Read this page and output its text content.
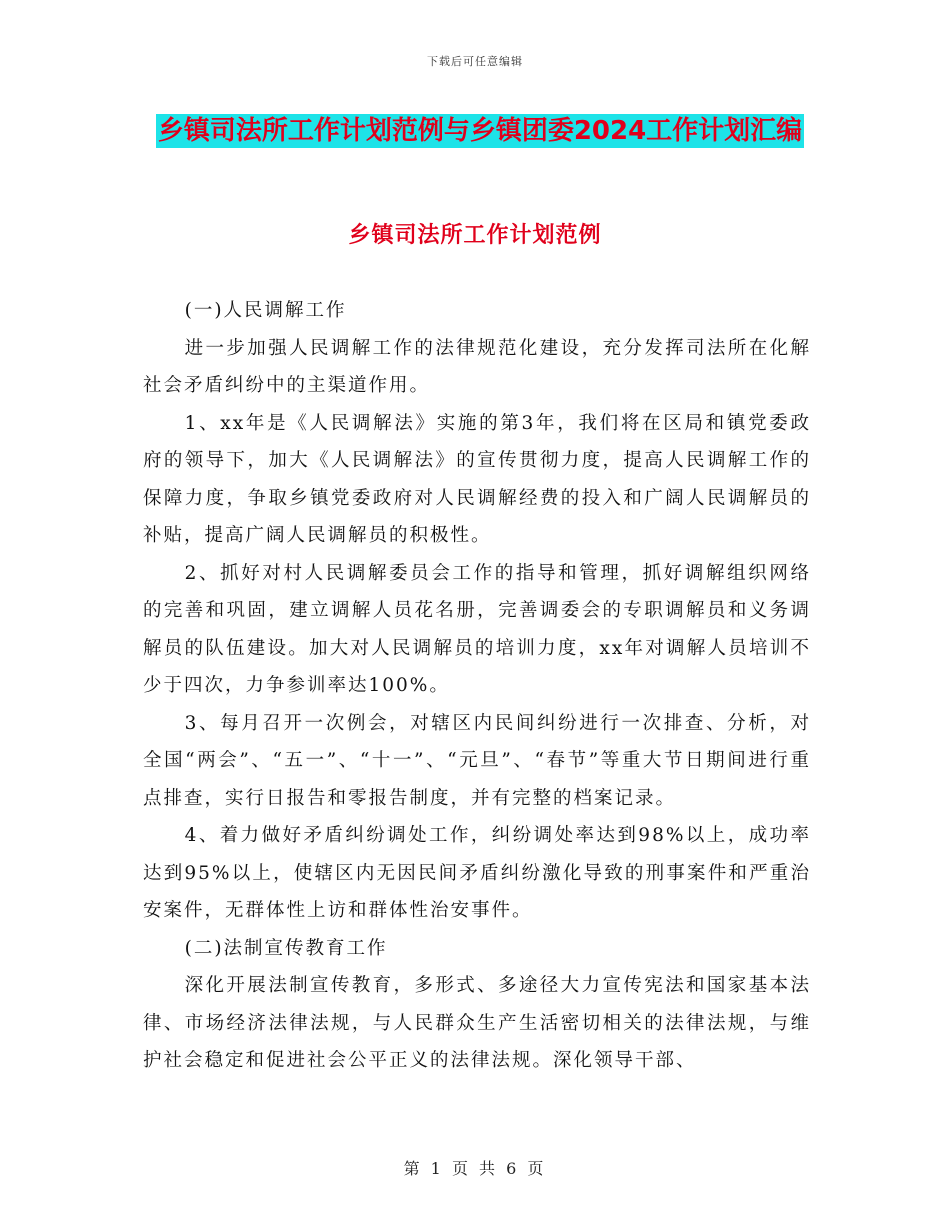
下载后可任意编辑
乡镇司法所工作计划范例与乡镇团委2024工作计划汇编
乡镇司法所工作计划范例

(一)人民调解工作

进一步加强人民调解工作的法律规范化建设，充分发挥司法所在化解社会矛盾纠纷中的主渠道作用。

1、xx年是《人民调解法》实施的第3年，我们将在区局和镇党委政府的领导下，加大《人民调解法》的宣传贯彻力度，提高人民调解工作的保障力度，争取乡镇党委政府对人民调解经费的投入和广阔人民调解员的补贴，提高广阔人民调解员的积极性。

2、抓好对村人民调解委员会工作的指导和管理，抓好调解组织网络的完善和巩固，建立调解人员花名册，完善调委会的专职调解员和义务调解员的队伍建设。加大对人民调解员的培训力度，xx年对调解人员培训不少于四次，力争参训率达100%。

3、每月召开一次例会，对辖区内民间纠纷进行一次排查、分析，对全国“两会”、“五一”、“十一”、“元旦”、“春节”等重大节日期间进行重点排查，实行日报告和零报告制度，并有完整的档案记录。

4、着力做好矛盾纠纷调处工作，纠纷调处率达到98%以上，成功率达到95%以上，使辖区内无因民间矛盾纠纷激化导致的刑事案件和严重治安案件，无群体性上访和群体性治安事件。

(二)法制宣传教育工作

深化开展法制宣传教育，多形式、多途径大力宣传宪法和国家基本法律、市场经济法律法规，与人民群众生产生活密切相关的法律法规，与维护社会稳定和促进社会公平正义的法律法规。深化领导干部、

第 1 页 共 6 页
